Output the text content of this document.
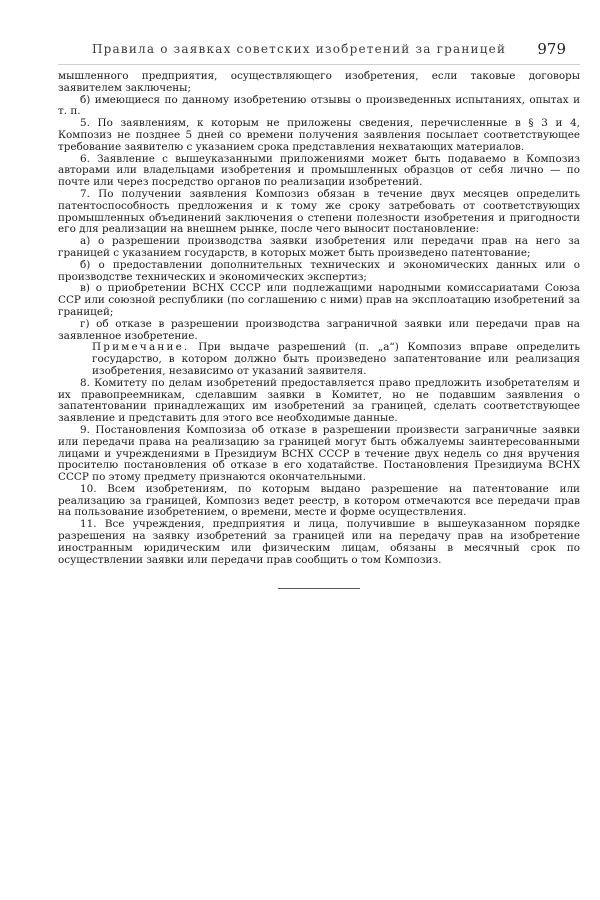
Правила о заявках советских изобретений за границей 979

мышленного предприятия, осуществляющего изобретения, если таковые договоры заявителем заключены;

б) имеющиеся по данному изобретению отзывы о произведенных испытаниях, опытах и т. п.

5. По заявлениям, к которым не приложены сведения, перечисленные в § 3 и 4, Композиз не позднее 5 дней со времени получения заявления посылает соответствующее требование заявителю с указанием срока представления нехватающих материалов.

6. Заявление с вышеуказанными приложениями может быть подаваемо в Композиз авторами или владельцами изобретения и промышленных образцов от себя лично — по почте или через посредство органов по реализации изобретений.

7. По получении заявления Композиз обязан в течение двух месяцев определить патентоспособность предложения и к тому же сроку затребовать от соответствующих промышленных объединений заключения о степени полезности изобретения и пригодности его для реализации на внешнем рынке, после чего выносит постановление:

а) о разрешении производства заявки изобретения или передачи прав на него за границей с указанием государств, в которых может быть произведено патентование;

б) о предоставлении дополнительных технических и экономических данных или о производстве технических и экономических экспертиз;

в) о приобретении ВСНХ СССР или подлежащими народными комиссариатами Союза ССР или союзной республики (по соглашению с ними) прав на эксплоатацию изобретений за границей;

г) об отказе в разрешении производства заграничной заявки или передачи прав на заявленное изобретение.

Примечание. При выдаче разрешений (п. „а“) Композиз вправе определить государство, в котором должно быть произведено запатентование или реализация изобретения, независимо от указаний заявителя.

8. Комитету по делам изобретений предоставляется право предложить изобретателям и их правопреемникам, сделавшим заявки в Комитет, но не подавшим заявления о запатентовании принадлежащих им изобретений за границей, сделать соответствующее заявление и представить для этого все необходимые данные.

9. Постановления Композиза об отказе в разрешении произвести заграничные заявки или передачи права на реализацию за границей могут быть обжалуемы заинтересованными лицами и учреждениями в Президиум ВСНХ СССР в течение двух недель со дня вручения просителю постановления об отказе в его ходатайстве. Постановления Президиума ВСНХ СССР по этому предмету признаются окончательными.

10. Всем изобретениям, по которым выдано разрешение на патентование или реализацию за границей, Композиз ведет реестр, в котором отмечаются все передачи прав на пользование изобретением, о времени, месте и форме осуществления.

11. Все учреждения, предприятия и лица, получившие в вышеуказанном порядке разрешения на заявку изобретений за границей или на передачу прав на изобретение иностранным юридическим или физическим лицам, обязаны в месячный срок по осуществлении заявки или передачи прав сообщить о том Композиз.
